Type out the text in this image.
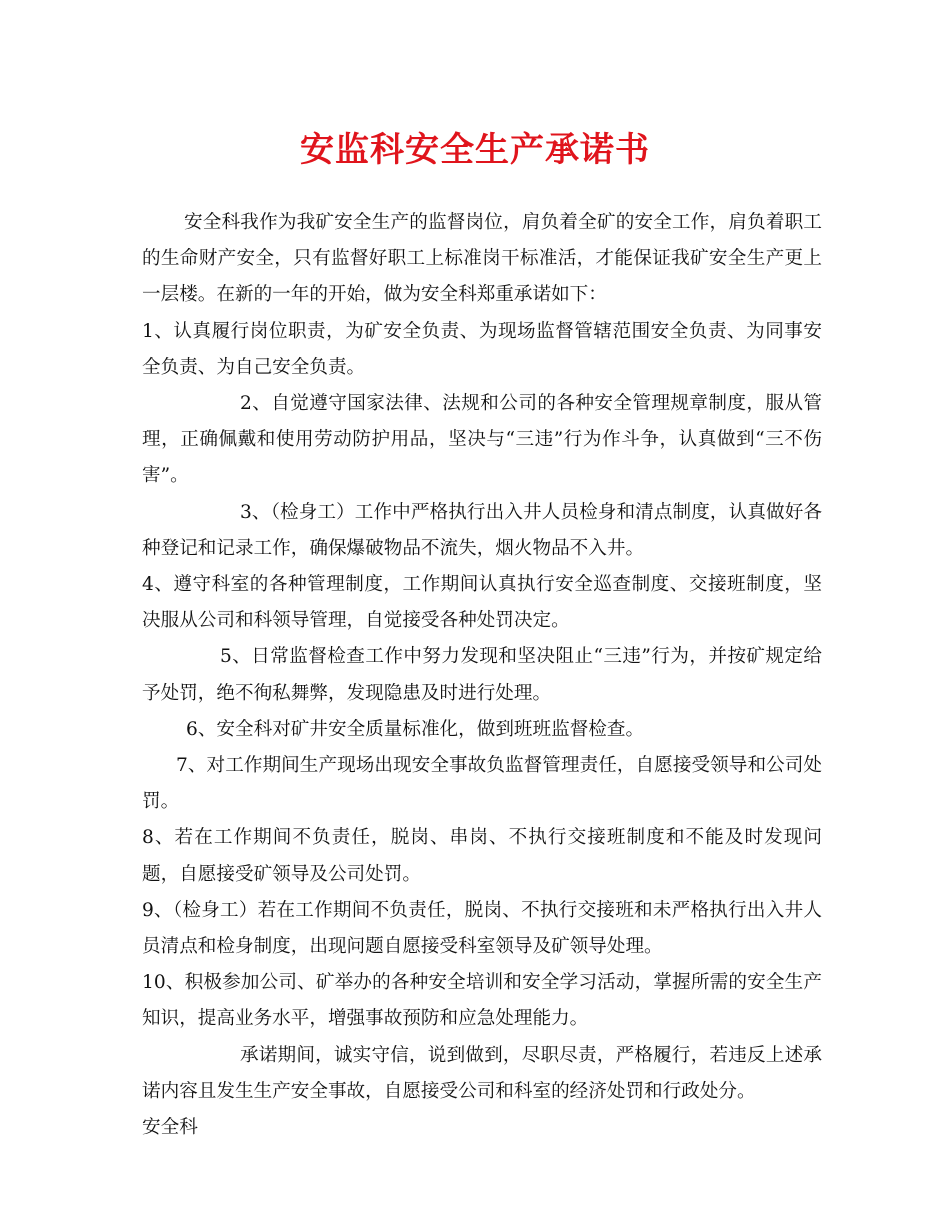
安监科安全生产承诺书

安全科我作为我矿安全生产的监督岗位，肩负着全矿的安全工作，肩负着职工的生命财产安全，只有监督好职工上标准岗干标准活，才能保证我矿安全生产更上一层楼。在新的一年的开始，做为安全科郑重承诺如下：

1、认真履行岗位职责，为矿安全负责、为现场监督管辖范围安全负责、为同事安全负责、为自己安全负责。

2、自觉遵守国家法律、法规和公司的各种安全管理规章制度，服从管理，正确佩戴和使用劳动防护用品，坚决与“三违”行为作斗争，认真做到“三不伤害”。

3、（检身工）工作中严格执行出入井人员检身和清点制度，认真做好各种登记和记录工作，确保爆破物品不流失，烟火物品不入井。

4、遵守科室的各种管理制度，工作期间认真执行安全巡查制度、交接班制度，坚决服从公司和科领导管理，自觉接受各种处罚决定。

5、日常监督检查工作中努力发现和坚决阻止“三违”行为，并按矿规定给予处罚，绝不徇私舞弊，发现隐患及时进行处理。

6、安全科对矿井安全质量标准化，做到班班监督检查。

7、对工作期间生产现场出现安全事故负监督管理责任，自愿接受领导和公司处罚。

8、若在工作期间不负责任，脱岗、串岗、不执行交接班制度和不能及时发现问题，自愿接受矿领导及公司处罚。

9、（检身工）若在工作期间不负责任，脱岗、不执行交接班和未严格执行出入井人员清点和检身制度，出现问题自愿接受科室领导及矿领导处理。

10、积极参加公司、矿举办的各种安全培训和安全学习活动，掌握所需的安全生产知识，提高业务水平，增强事故预防和应急处理能力。

承诺期间，诚实守信，说到做到，尽职尽责，严格履行，若违反上述承诺内容且发生生产安全事故，自愿接受公司和科室的经济处罚和行政处分。

安全科
